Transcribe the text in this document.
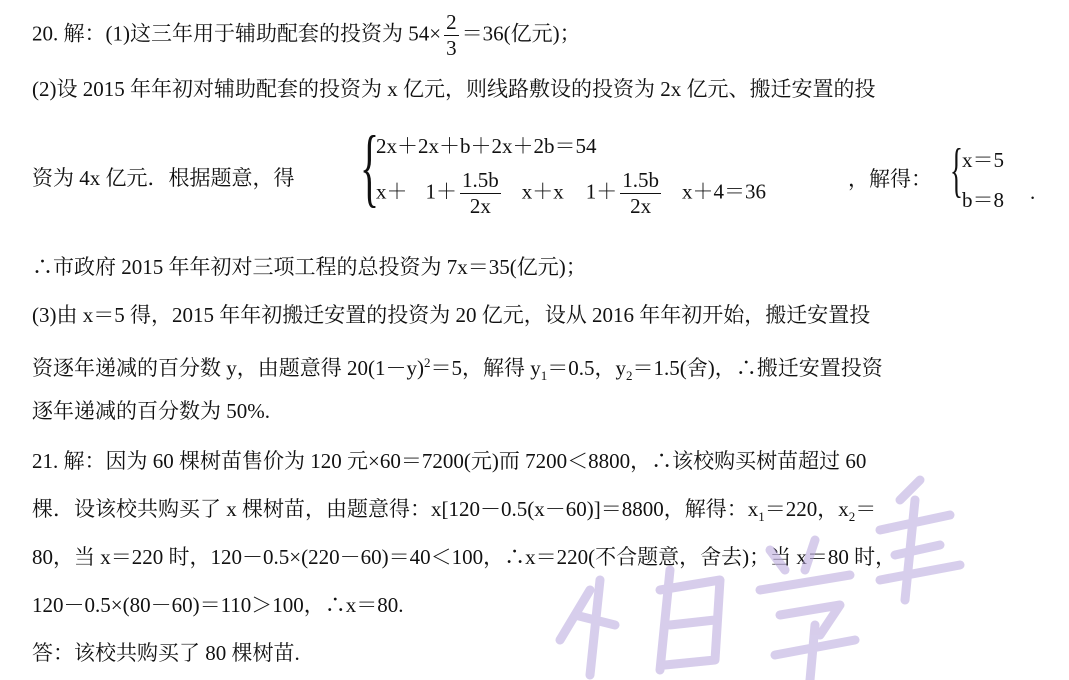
20. 解：(1)这三年用于辅助配套的投资为 $54\times \frac{2}{3} =36$(亿元)；
(2)设 2015 年年初对辅助配套的投资为 x 亿元，则线路敷设的投资为 2x 亿元、搬迁安置的投
资为 4x 亿元．根据题意，得 {
2x＋2x＋b＋2x＋2b＝54
$x+ 1+ \frac{1.5b}{2x} x+x$ $1+ \frac{1.5b}{2x} x+4=36$
，解得： { x＝5
b＝8 .
∴市政府 2015 年年初对三项工程的总投资为 7x＝35(亿元)；
(3)由 x＝5 得，2015 年年初搬迁安置的投资为 20 亿元，设从 2016 年年初开始，搬迁安置投
资逐年递减的百分数 y，由题意得 $20(1-y)^2=5$，解得 $y_1=0.5$，$y_2=1.5$(舍)，∴搬迁安置投资
逐年递减的百分数为 50%.
21. 解：因为 60 棵树苗售价为 120 元×60＝7200(元)而 7200＜8800，∴该校购买树苗超过 60
棵．设该校共购买了 x 棵树苗，由题意得：x[120－0.5(x－60)]＝8800，解得：$x_1=220$，$x_2=$
80，当 x＝220 时，120－0.5×(220－60)＝40＜100，∴x＝220(不合题意，舍去)；当 x＝80 时，
120－0.5×(80－60)＝110＞100，∴x＝80.
答：该校共购买了 80 棵树苗.
